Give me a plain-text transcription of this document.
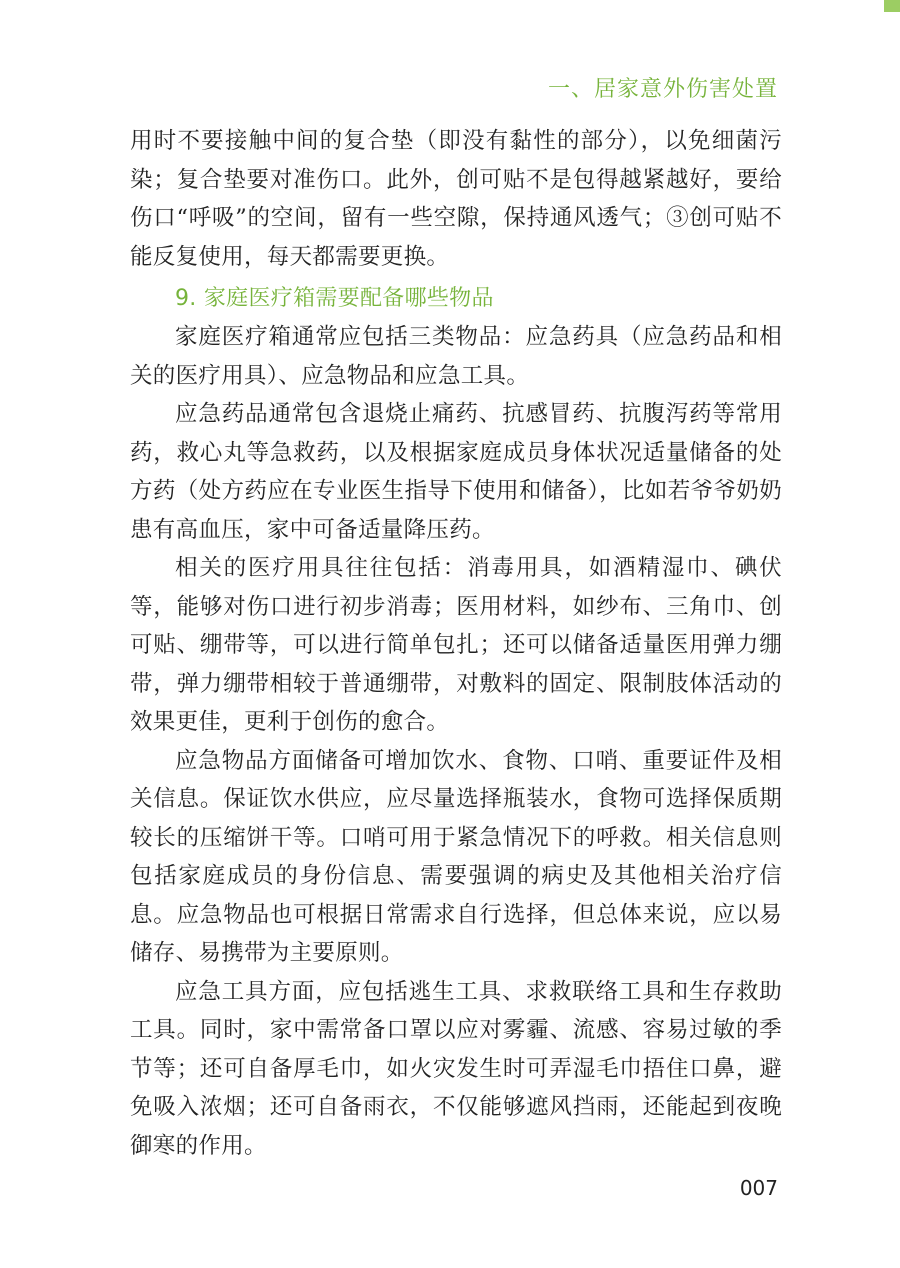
一、居家意外伤害处置

用时不要接触中间的复合垫（即没有黏性的部分），以免细菌污染；复合垫要对准伤口。此外，创可贴不是包得越紧越好，要给伤口“呼吸”的空间，留有一些空隙，保持通风透气；③创可贴不能反复使用，每天都需要更换。

9. 家庭医疗箱需要配备哪些物品

家庭医疗箱通常应包括三类物品：应急药具（应急药品和相关的医疗用具）、应急物品和应急工具。

应急药品通常包含退烧止痛药、抗感冒药、抗腹泻药等常用药，救心丸等急救药，以及根据家庭成员身体状况适量储备的处方药（处方药应在专业医生指导下使用和储备），比如若爷爷奶奶患有高血压，家中可备适量降压药。

相关的医疗用具往往包括：消毒用具，如酒精湿巾、碘伏等，能够对伤口进行初步消毒；医用材料，如纱布、三角巾、创可贴、绷带等，可以进行简单包扎；还可以储备适量医用弹力绷带，弹力绷带相较于普通绷带，对敷料的固定、限制肢体活动的效果更佳，更利于创伤的愈合。

应急物品方面储备可增加饮水、食物、口哨、重要证件及相关信息。保证饮水供应，应尽量选择瓶装水，食物可选择保质期较长的压缩饼干等。口哨可用于紧急情况下的呼救。相关信息则包括家庭成员的身份信息、需要强调的病史及其他相关治疗信息。应急物品也可根据日常需求自行选择，但总体来说，应以易储存、易携带为主要原则。

应急工具方面，应包括逃生工具、求救联络工具和生存救助工具。同时，家中需常备口罩以应对雾霾、流感、容易过敏的季节等；还可自备厚毛巾，如火灾发生时可弄湿毛巾捂住口鼻，避免吸入浓烟；还可自备雨衣，不仅能够遮风挡雨，还能起到夜晚御寒的作用。

007
